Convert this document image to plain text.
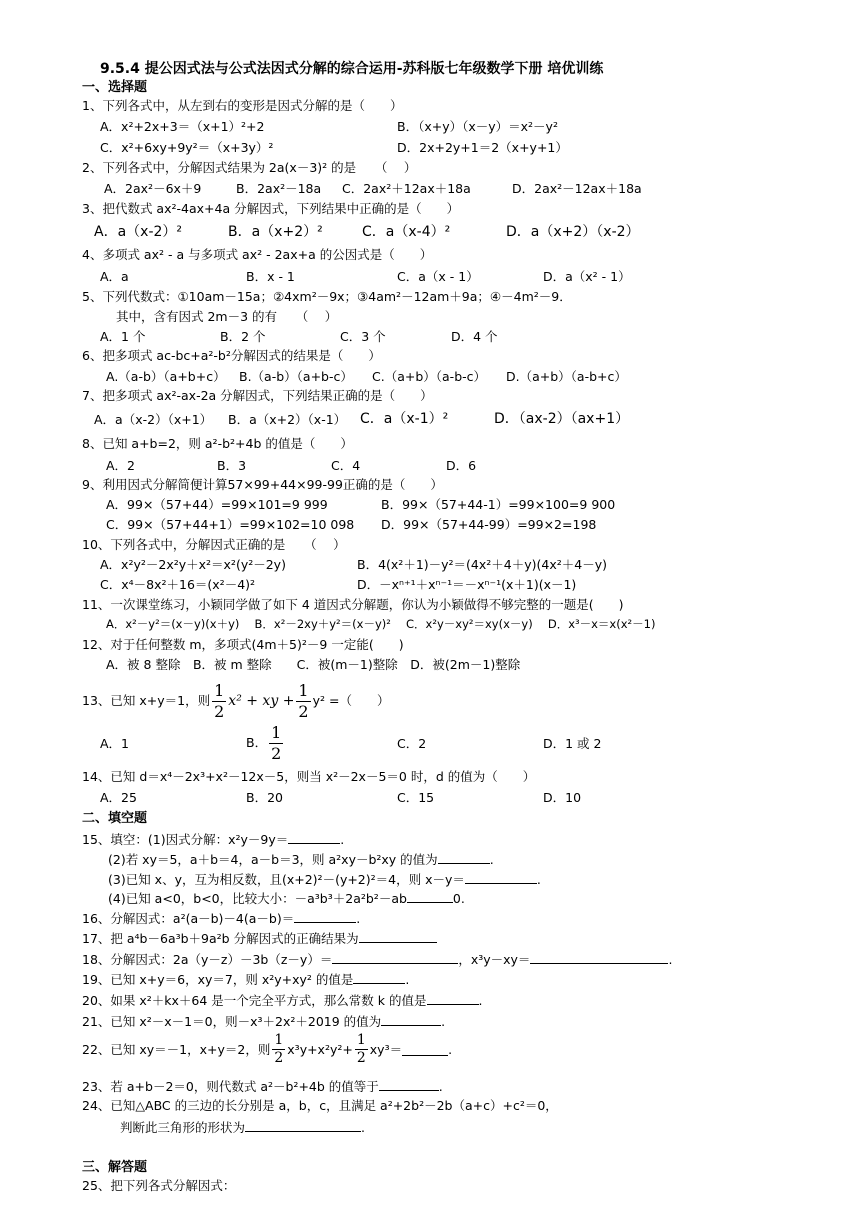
9.5.4 提公因式法与公式法因式分解的综合运用-苏科版七年级数学下册 培优训练
一、选择题
1、下列各式中，从左到右的变形是因式分解的是（　　）
A．x²+2x+3＝（x+1）²+2	B．（x+y）（x－y）＝x²－y²
C．x²+6xy+9y²＝（x+3y）²	D．2x+2y+1＝2（x+y+1）
2、下列各式中，分解因式结果为 2a(x－3)² 的是　　（　 ）
A．2ax²－6x＋9	B．2ax²－18a C．2ax²＋12ax＋18a	D．2ax²－12ax＋18a
3、把代数式 ax²-4ax+4a 分解因式，下列结果中正确的是（　　）
A．a（x-2）²	B．a（x+2）²	C．a（x-4）²	D．a（x+2）（x-2）
4、多项式 ax² - a 与多项式 ax² - 2ax+a 的公因式是（　　）
A．a	B．x - 1	C．a（x - 1）	D．a（x² - 1）
5、下列代数式：①10am－15a；②4xm²－9x；③4am²－12am＋9a；④－4m²－9．
其中，含有因式 2m－3 的有　　（　 ）
A．1 个	B．2 个	C．3 个	D．4 个
6、把多项式 ac-bc+a²-b²分解因式的结果是（　　）
A.（a-b）（a+b+c） B.（a-b）（a+b-c） C.（a+b）（a-b-c） D.（a+b）（a-b+c）
7、把多项式 ax²-ax-2a 分解因式，下列结果正确的是（　　）
A．a（x-2）（x+1） B．a（x+2）（x-1） C．a（x-1）²	D．（ax-2）（ax+1）
8、已知 a+b=2，则 a²-b²+4b 的值是（　　）
A．2	B．3	C．4	D．6
9、利用因式分解简便计算57×99+44×99-99正确的是（　　）
A．99×（57+44）=99×101=9 999	B．99×（57+44-1）=99×100=9 900
C．99×（57+44+1）=99×102=10 098 D．99×（57+44-99）=99×2=198
10、下列各式中，分解因式正确的是　　（　 ）
A．x²y²－2x²y＋x²＝x²(y²－2y)	B．4(x²＋1)－y²＝(4x²＋4＋y)(4x²＋4－y)
C．x⁴－8x²＋16＝(x²－4)²	D．－xⁿ⁺¹＋xⁿ⁻¹＝－xⁿ⁻¹(x＋1)(x－1)
11、一次课堂练习，小颖同学做了如下 4 道因式分解题，你认为小颖做得不够完整的一题是(　　)
A．x²－y²＝(x－y)(x＋y)　 B．x²－2xy＋y²＝(x－y)²　 C．x²y－xy²＝xy(x－y)　 D．x³－x＝x(x²－1)
12、对于任何整数 m，多项式(4m＋5)²－9 一定能(　　)
A．被 8 整除　B．被 m 整除　　C．被(m－1)整除　D．被(2m－1)整除
13、已知 x+y＝1，则 $\frac{1}{2} x^2$ + xy + $\frac{1}{2} y^2$ =（　　）
A．1	B． $\frac{1}{2}$	C．2	D．1 或 2
14、已知 d＝x⁴－2x³+x²－12x－5，则当 x²－2x－5＝0 时，d 的值为（　　）
A．25	B．20	C．15	D．10
二、填空题
15、填空：(1)因式分解：x²y－9y＝	.
(2)若 xy＝5，a＋b＝4，a－b＝3，则 a²xy－b²xy 的值为	.
(3)已知 x、y，互为相反数，且(x+2)²－(y+2)²＝4，则 x－y＝	.
(4)已知 a<0，b<0，比较大小：－a³b³＋2a²b²－ab	0.
16、分解因式：a²(a－b)－4(a－b)＝	.
17、把 a⁴b－6a³b＋9a²b 分解因式的正确结果为
18、分解因式：2a（y－z）－3b（z－y）＝	，x³y－xy＝	.
19、已知 x+y＝6，xy＝7，则 x²y+xy² 的值是	.
20、如果 x²＋kx＋64 是一个完全平方式，那么常数 k 的值是	.
21、已知 x²－x－1＝0，则－x³＋2x²＋2019 的值为	.
22、已知 xy＝－1，x+y＝2，则 $\frac{1}{2} x^3y+x^2y^2+ \frac{1}{2} xy^3=$	.
23、若 a+b－2＝0，则代数式 a²－b²+4b 的值等于	.
24、已知△ABC 的三边的长分别是 a，b，c，且满足 a²+2b²－2b（a+c）+c²＝0，
判断此三角形的形状为	.
三、解答题
25、把下列各式分解因式：
